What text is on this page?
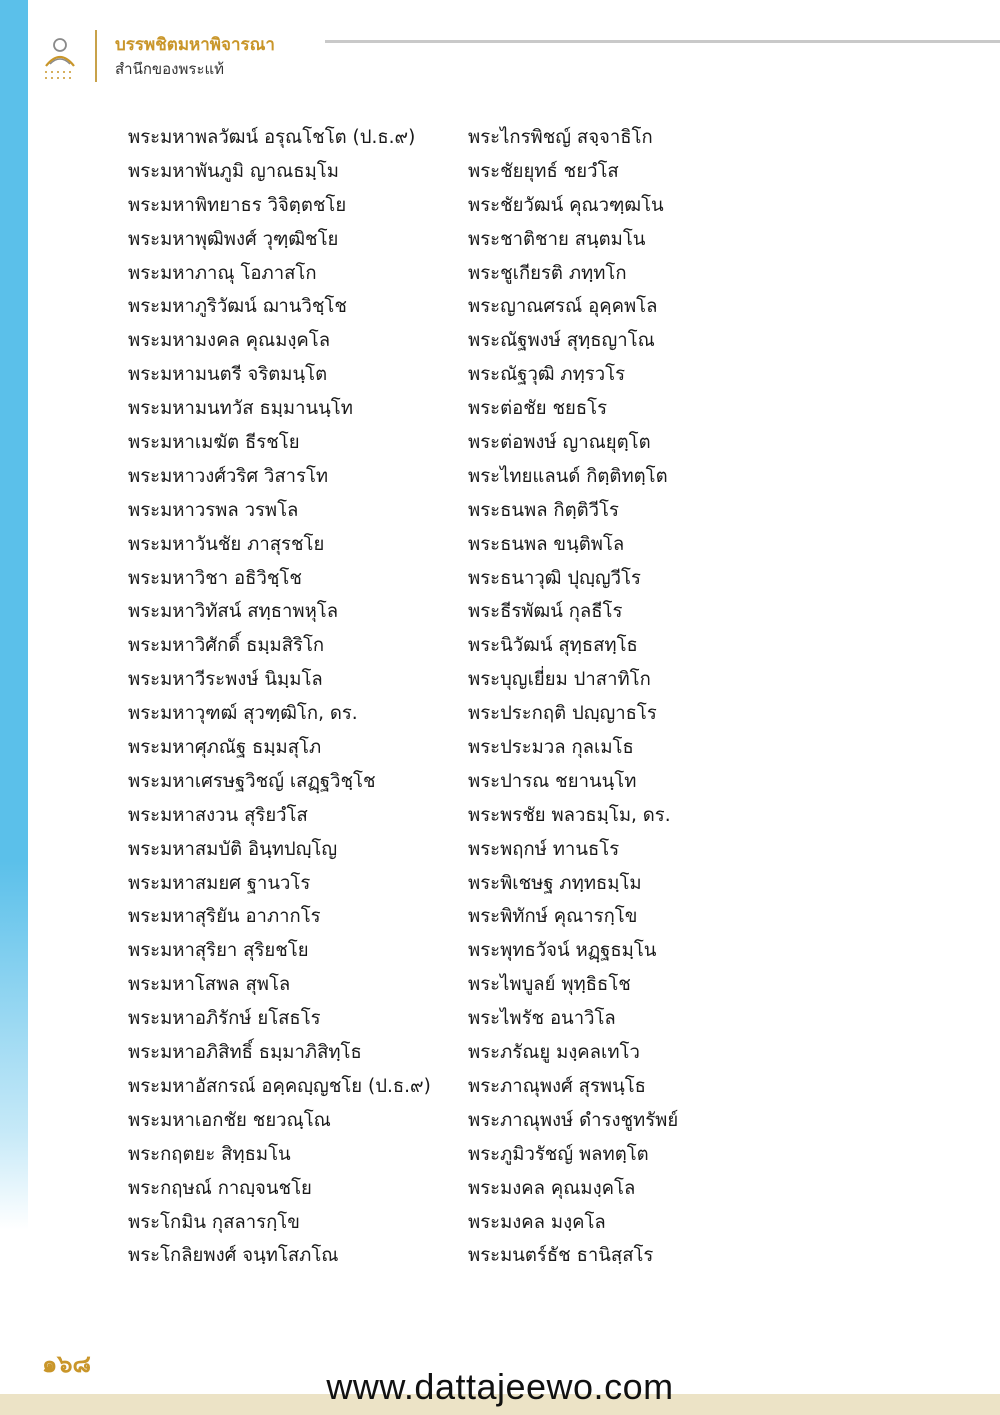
บรรพชิตมหาพิจารณา
สำนึกของพระแท้
พระมหาพลวัฒน์ อรุณโชโต (ป.ธ.๙)
พระมหาพันภูมิ ญาณธมฺโม
พระมหาพิทยาธร วิจิตฺตชโย
พระมหาพุฒิพงศ์ วุฑฺฒิชโย
พระมหาภาณุ โอภาสโก
พระมหาภูริวัฒน์ ฌานวิชฺโช
พระมหามงคล คุณมงฺคโล
พระมหามนตรี จริตมนฺโต
พระมหามนทวัส ธมฺมานนฺโท
พระมหาเมฆัต ธีรชโย
พระมหาวงศ์วริศ วิสารโท
พระมหาวรพล วรพโล
พระมหาวันชัย ภาสุรชโย
พระมหาวิชา อธิวิชฺโช
พระมหาวิทัสน์ สทฺธาพหุโล
พระมหาวิศักดิ์ ธมฺมสิริโก
พระมหาวีระพงษ์ นิมฺมโล
พระมหาวุฑฒ์ สุวฑฺฒิโก, ดร.
พระมหาศุภณัฐ ธมฺมสุโภ
พระมหาเศรษฐวิชญ์ เสฏฺฐวิชฺโช
พระมหาสงวน สุริยวํโส
พระมหาสมบัติ อินฺทปญฺโญ
พระมหาสมยศ ฐานวโร
พระมหาสุริยัน อาภากโร
พระมหาสุริยา สุริยชโย
พระมหาโสพล สุพโล
พระมหาอภิรักษ์ ยโสธโร
พระมหาอภิสิทธิ์ ธมฺมาภิสิทฺโธ
พระมหาอัสกรณ์ อคฺคญฺญชโย (ป.ธ.๙)
พระมหาเอกชัย ชยวณฺโณ
พระกฤตยะ สิทฺธมโน
พระกฤษณ์ กาญฺจนชโย
พระโกมิน กุสลารกฺโข
พระโกลิยพงศ์ จนฺทโสภโณ
พระไกรพิชญ์ สจฺจาธิโก
พระชัยยุทธ์ ชยวํโส
พระชัยวัฒน์ คุณวฑฺฒโน
พระชาติชาย สนฺตมโน
พระชูเกียรติ ภทฺทโก
พระญาณศรณ์ อุคฺคพโล
พระณัฐพงษ์ สุทฺธญาโณ
พระณัฐวุฒิ ภทฺรวโร
พระต่อชัย ชยธโร
พระต่อพงษ์ ญาณยุตฺโต
พระไทยแลนด์ กิตฺติทตฺโต
พระธนพล กิตฺติวีโร
พระธนพล ขนฺติพโล
พระธนาวุฒิ ปุญฺญวีโร
พระธีรพัฒน์ กุลธีโร
พระนิวัฒน์ สุทฺธสทฺโธ
พระบุญเยี่ยม ปาสาทิโก
พระประกฤติ ปญฺญาธโร
พระประมวล กุลเมโธ
พระปารณ ชยานนฺโท
พระพรชัย พลวธมฺโม, ดร.
พระพฤกษ์ ทานธโร
พระพิเชษฐ ภทฺทธมฺโม
พระพิทักษ์ คุณารกฺโข
พระพุทธวัจน์ หฏฺฐธมฺโน
พระไพบูลย์ พุทฺธิธโช
พระไพรัช อนาวิโล
พระภรัณยู มงฺคลเทโว
พระภาณุพงศ์ สุรพนฺโธ
พระภาณุพงษ์ ดำรงชูทรัพย์
พระภูมิวรัชญ์ พลทตฺโต
พระมงคล คุณมงฺคโล
พระมงคล มงฺคโล
พระมนตร์ธัช ธานิสฺสโร
๑๖๘
www.dattajeewo.com
